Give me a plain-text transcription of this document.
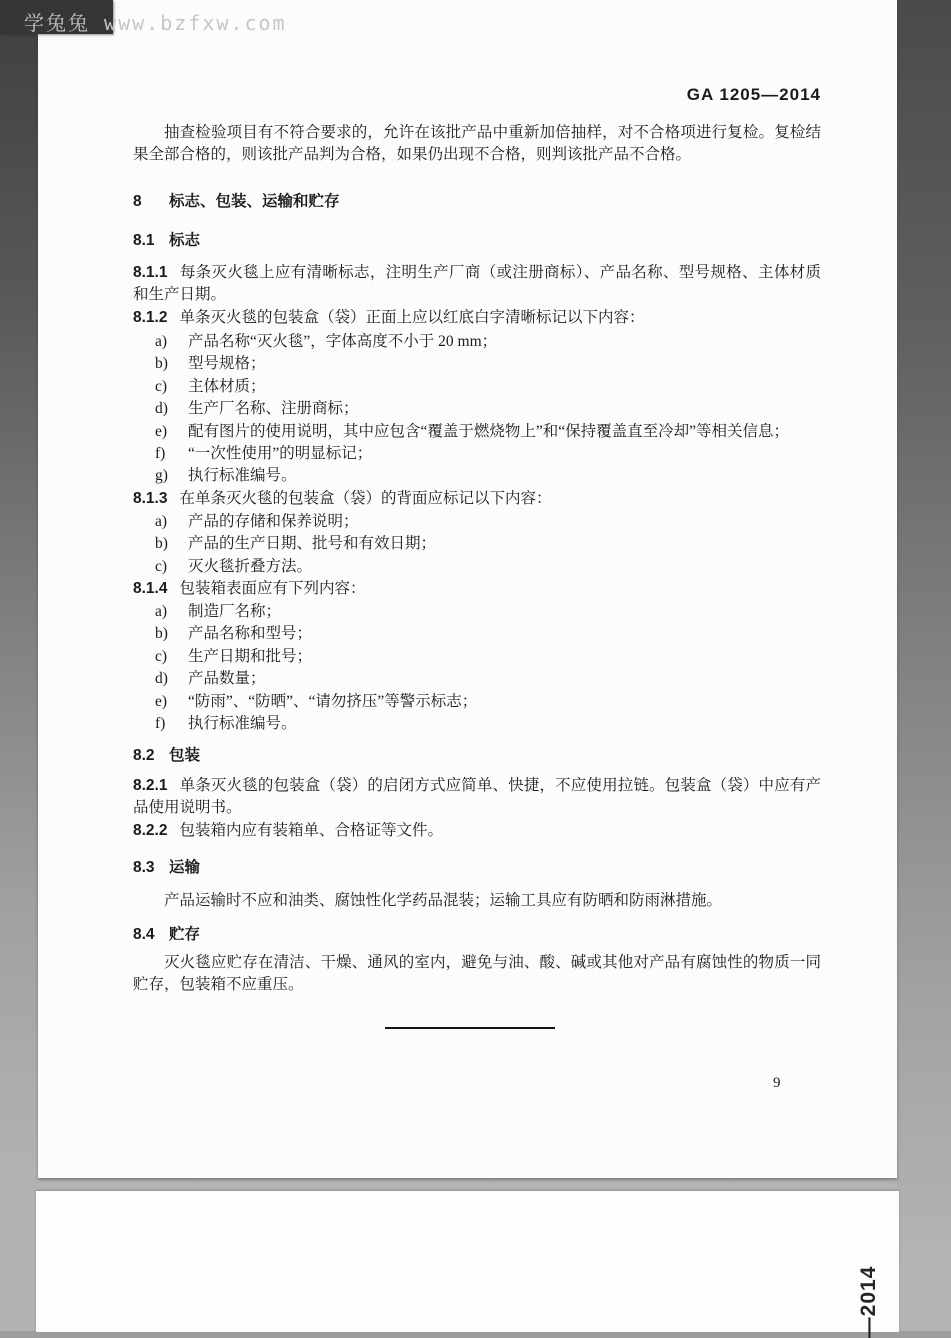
GA 1205—2014
9
抽查检验项目有不符合要求的，允许在该批产品中重新加倍抽样，对不合格项进行复检。复检结果全部合格的，则该批产品判为合格，如果仍出现不合格，则判该批产品不合格。
8 标志、包装、运输和贮存
8.1 标志
8.1.1 每条灭火毯上应有清晰标志，注明生产厂商（或注册商标）、产品名称、型号规格、主体材质和生产日期。
8.1.2 单条灭火毯的包装盒（袋）正面上应以红底白字清晰标记以下内容：
a) 产品名称“灭火毯”，字体高度不小于 20 mm；
b) 型号规格；
c) 主体材质；
d) 生产厂名称、注册商标；
e) 配有图片的使用说明，其中应包含“覆盖于燃烧物上”和“保持覆盖直至冷却”等相关信息；
f) “一次性使用”的明显标记；
g) 执行标准编号。
8.1.3 在单条灭火毯的包装盒（袋）的背面应标记以下内容：
a) 产品的存储和保养说明；
b) 产品的生产日期、批号和有效日期；
c) 灭火毯折叠方法。
8.1.4 包装箱表面应有下列内容：
a) 制造厂名称；
b) 产品名称和型号；
c) 生产日期和批号；
d) 产品数量；
e) “防雨”、“防晒”、“请勿挤压”等警示标志；
f) 执行标准编号。
8.2 包装
8.2.1 单条灭火毯的包装盒（袋）的启闭方式应简单、快捷，不应使用拉链。包装盒（袋）中应有产品使用说明书。
8.2.2 包装箱内应有装箱单、合格证等文件。
8.3 运输
产品运输时不应和油类、腐蚀性化学药品混装；运输工具应有防晒和防雨淋措施。
8.4 贮存
灭火毯应贮存在清洁、干燥、通风的室内，避免与油、酸、碱或其他对产品有腐蚀性的物质一同贮存，包装箱不应重压。
学兔兔 www.bzfxw.com
—2014
